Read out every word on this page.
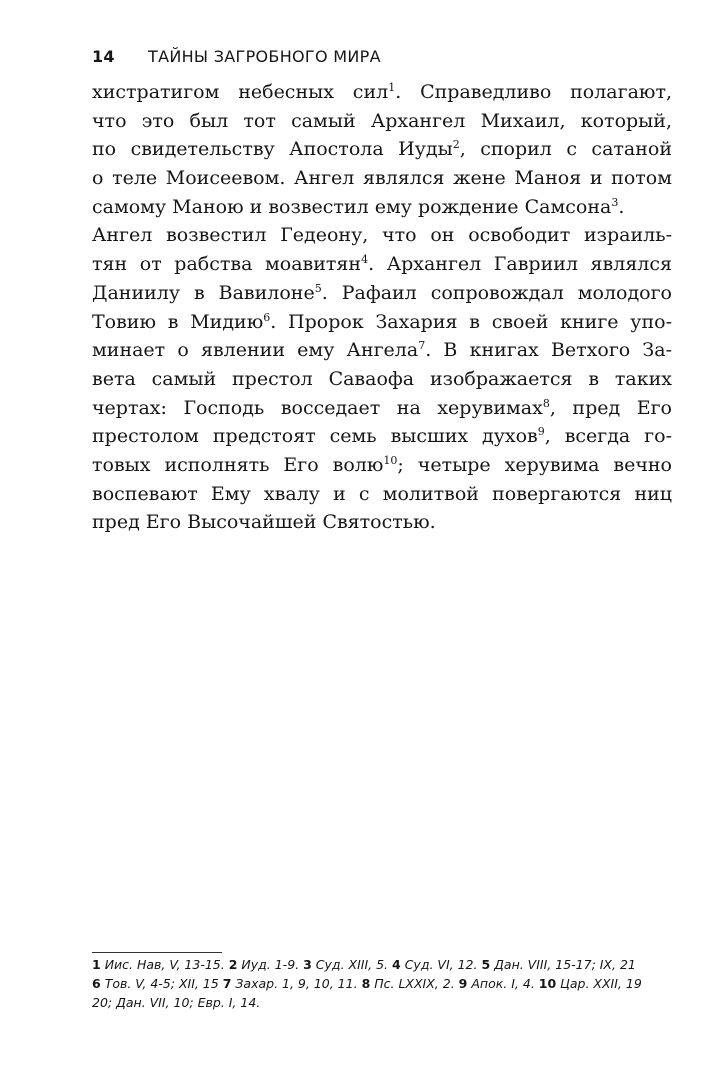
14 ТАЙНЫ ЗАГРОБНОГО МИРА
хистратигом небесных сил$^1$. Справедливо полагают,
что это был тот самый Архангел Михаил, который,
по свидетельству Апостола Иуды$^2$, спорил с сатаной
о теле Моисеевом. Ангел являлся жене Маноя и потом
самому Маною и возвестил ему рождение Самсона$^3$.
Ангел возвестил Гедеону, что он освободит израиль-
тян от рабства моавитян$^4$. Архангел Гавриил являлся
Даниилу в Вавилоне$^5$. Рафаил сопровождал молодого
Товию в Мидию$^6$. Пророк Захария в своей книге упо-
минает о явлении ему Ангела$^7$. В книгах Ветхого За-
вета самый престол Саваофа изображается в таких
чертах: Господь восседает на херувимах$^8$, пред Его
престолом предстоят семь высших духов$^9$, всегда го-
товых исполнять Его волю$^{10}$; четыре херувима вечно
воспевают Ему хвалу и с молитвой повергаются ниц
пред Его Высочайшей Святостью.
1 Иис. Нав, V, 13-15. 2 Иуд. 1-9. 3 Суд. XIII, 5. 4 Суд. VI, 12. 5 Дан. VIII, 15-17; IX, 21
6 Тов. V, 4-5; XII, 15 7 Захар. 1, 9, 10, 11. 8 Пс. LXXIX, 2. 9 Апок. I, 4. 10 Цар. XXII, 19
20; Дан. VII, 10; Евр. I, 14.
